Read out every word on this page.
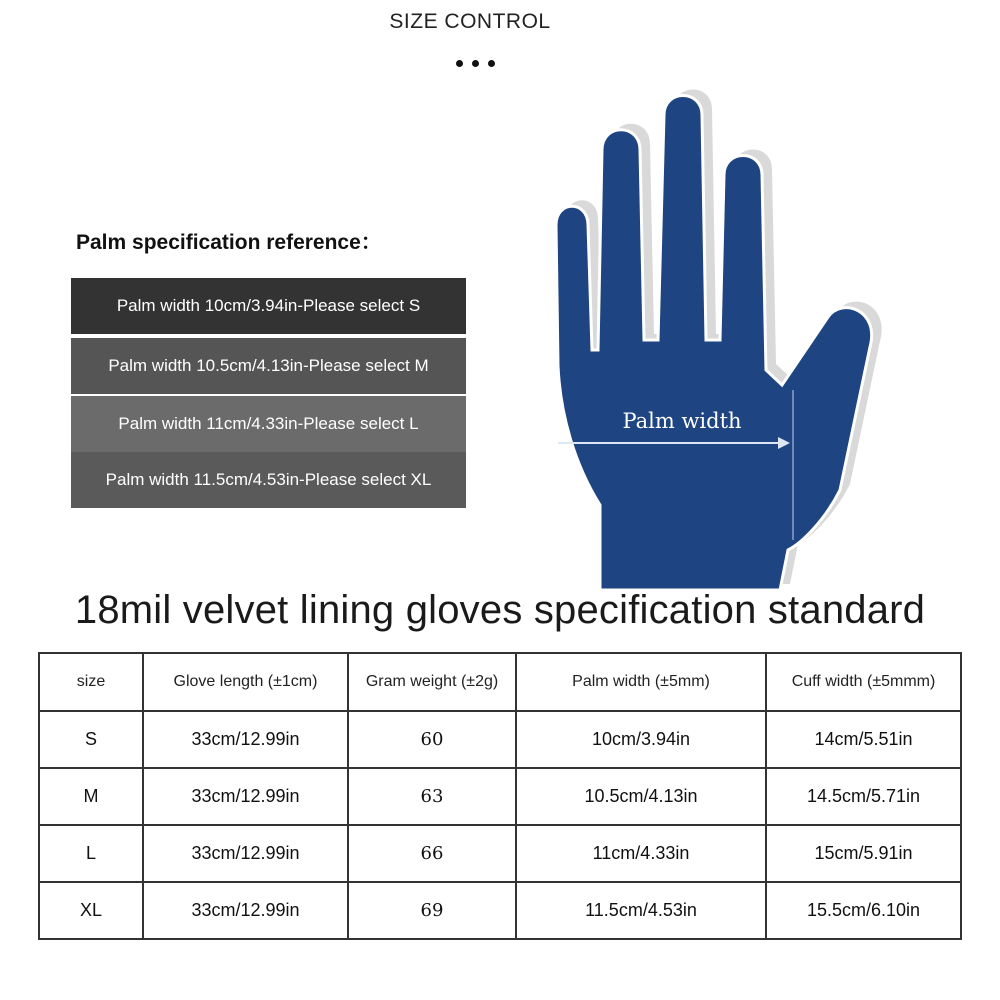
SIZE CONTROL
Palm specification reference：
Palm width 10cm/3.94in-Please select S
Palm width 10.5cm/4.13in-Please select M
Palm width 11cm/4.33in-Please select L
Palm width 11.5cm/4.53in-Please select XL
Palm width
18mil velvet lining gloves specification standard
size	Glove length (±1cm)	Gram weight (±2g)	Palm width (±5mm)	Cuff width (±5mmm)
S	33cm/12.99in	60	10cm/3.94in	14cm/5.51in
M	33cm/12.99in	63	10.5cm/4.13in	14.5cm/5.71in
L	33cm/12.99in	66	11cm/4.33in	15cm/5.91in
XL	33cm/12.99in	69	11.5cm/4.53in	15.5cm/6.10in
